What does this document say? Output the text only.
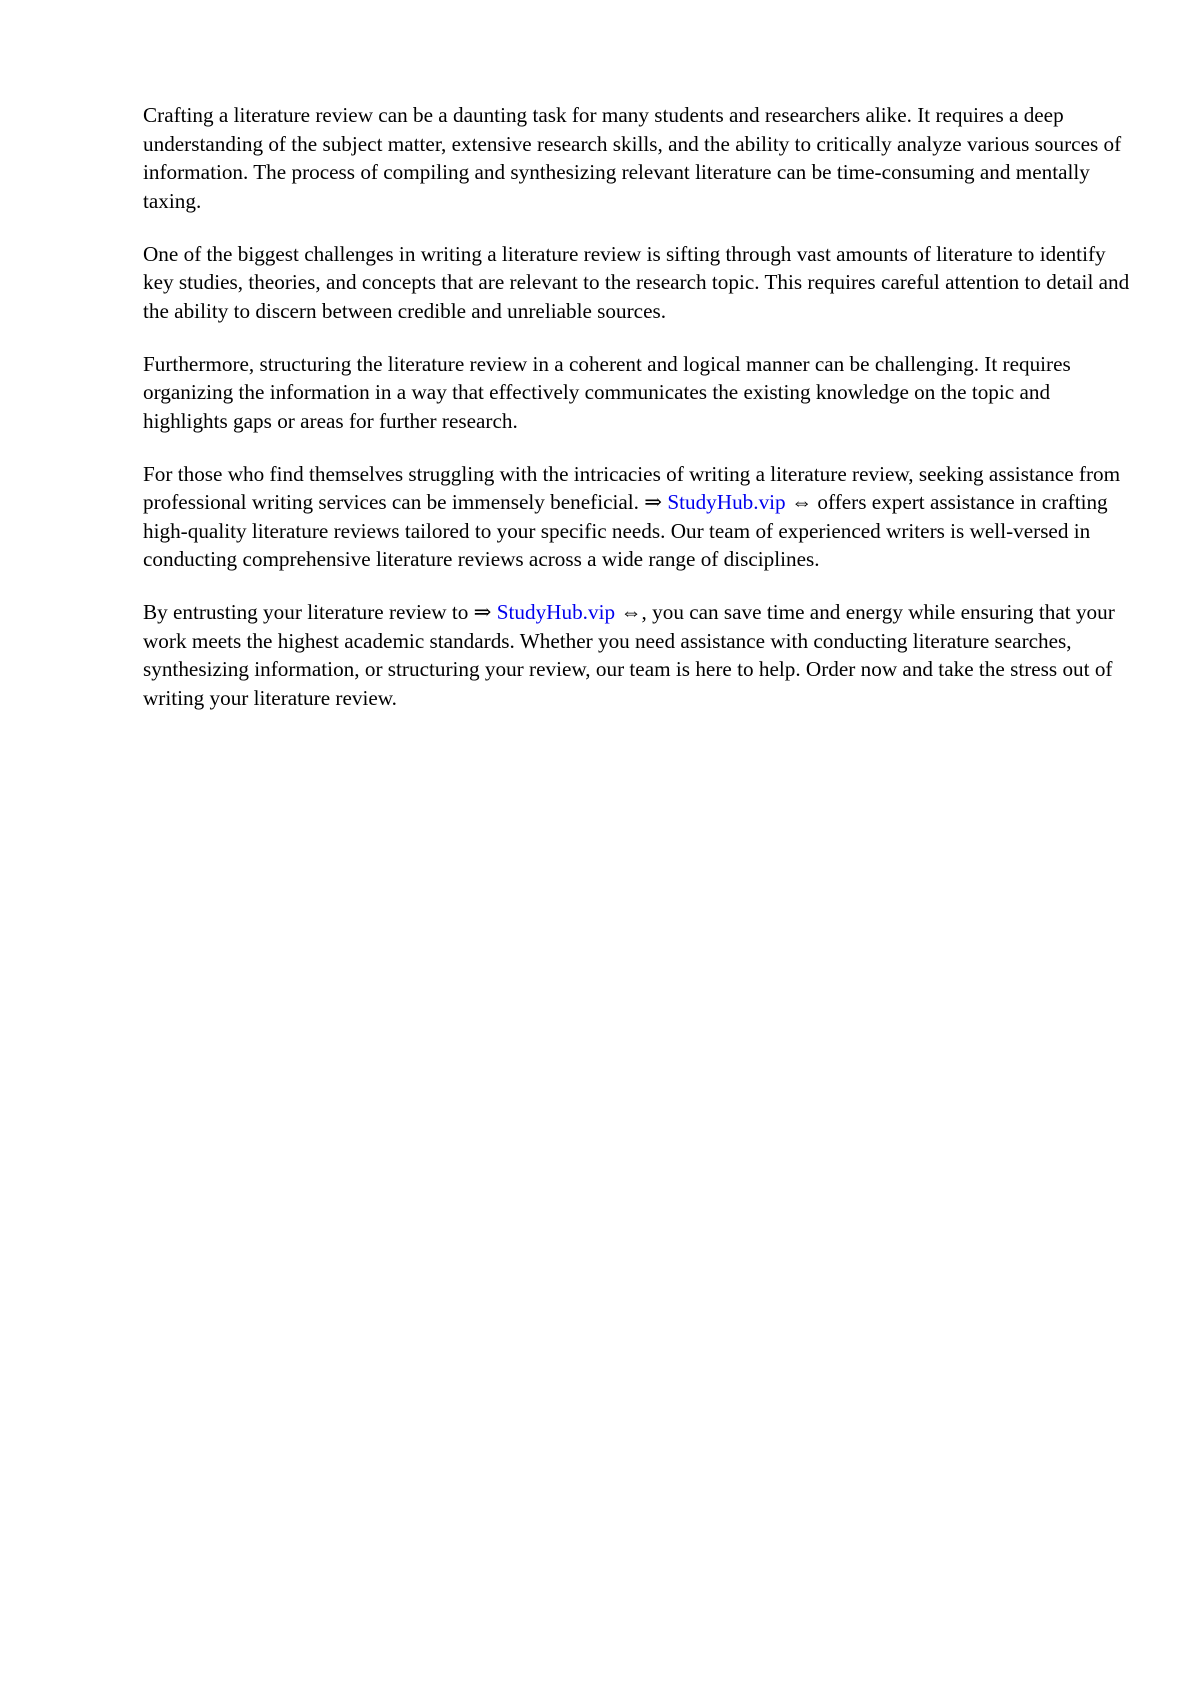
Crafting a literature review can be a daunting task for many students and researchers alike. It requires a deep understanding of the subject matter, extensive research skills, and the ability to critically analyze various sources of information. The process of compiling and synthesizing relevant literature can be time-consuming and mentally taxing.

One of the biggest challenges in writing a literature review is sifting through vast amounts of literature to identify key studies, theories, and concepts that are relevant to the research topic. This requires careful attention to detail and the ability to discern between credible and unreliable sources.

Furthermore, structuring the literature review in a coherent and logical manner can be challenging. It requires organizing the information in a way that effectively communicates the existing knowledge on the topic and highlights gaps or areas for further research.

For those who find themselves struggling with the intricacies of writing a literature review, seeking assistance from professional writing services can be immensely beneficial. ⇒ StudyHub.vip ⇔ offers expert assistance in crafting high-quality literature reviews tailored to your specific needs. Our team of experienced writers is well-versed in conducting comprehensive literature reviews across a wide range of disciplines.

By entrusting your literature review to ⇒ StudyHub.vip ⇔, you can save time and energy while ensuring that your work meets the highest academic standards. Whether you need assistance with conducting literature searches, synthesizing information, or structuring your review, our team is here to help. Order now and take the stress out of writing your literature review.
